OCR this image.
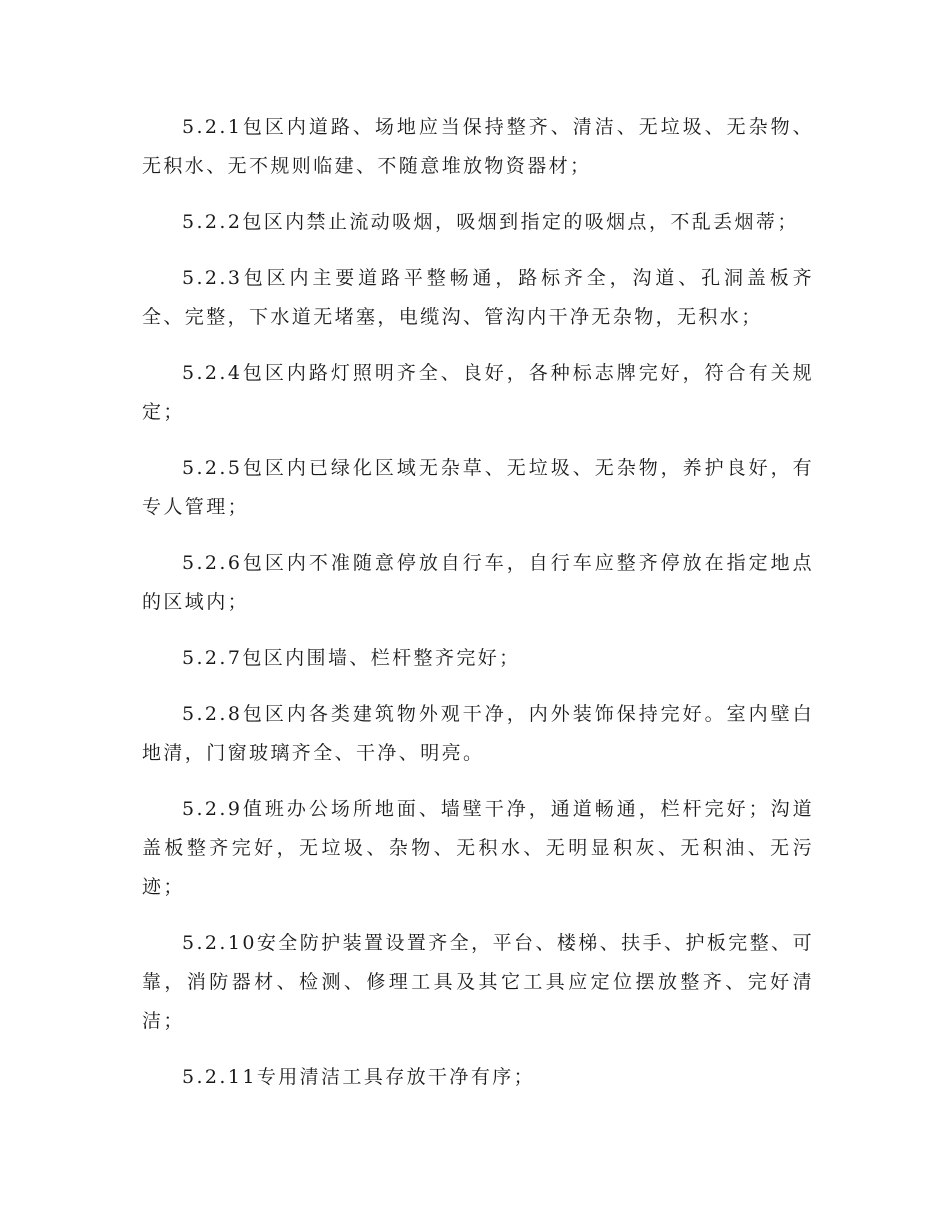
5.2.1包区内道路、场地应当保持整齐、清洁、无垃圾、无杂物、无积水、无不规则临建、不随意堆放物资器材；

5.2.2包区内禁止流动吸烟，吸烟到指定的吸烟点，不乱丢烟蒂；

5.2.3包区内主要道路平整畅通，路标齐全，沟道、孔洞盖板齐全、完整，下水道无堵塞，电缆沟、管沟内干净无杂物，无积水；

5.2.4包区内路灯照明齐全、良好，各种标志牌完好，符合有关规定；

5.2.5包区内已绿化区域无杂草、无垃圾、无杂物，养护良好，有专人管理；

5.2.6包区内不准随意停放自行车，自行车应整齐停放在指定地点的区域内；

5.2.7包区内围墙、栏杆整齐完好；

5.2.8包区内各类建筑物外观干净，内外装饰保持完好。室内壁白地清，门窗玻璃齐全、干净、明亮。

5.2.9值班办公场所地面、墙壁干净，通道畅通，栏杆完好；沟道盖板整齐完好，无垃圾、杂物、无积水、无明显积灰、无积油、无污迹；

5.2.10安全防护装置设置齐全，平台、楼梯、扶手、护板完整、可靠，消防器材、检测、修理工具及其它工具应定位摆放整齐、完好清洁；

5.2.11专用清洁工具存放干净有序；
